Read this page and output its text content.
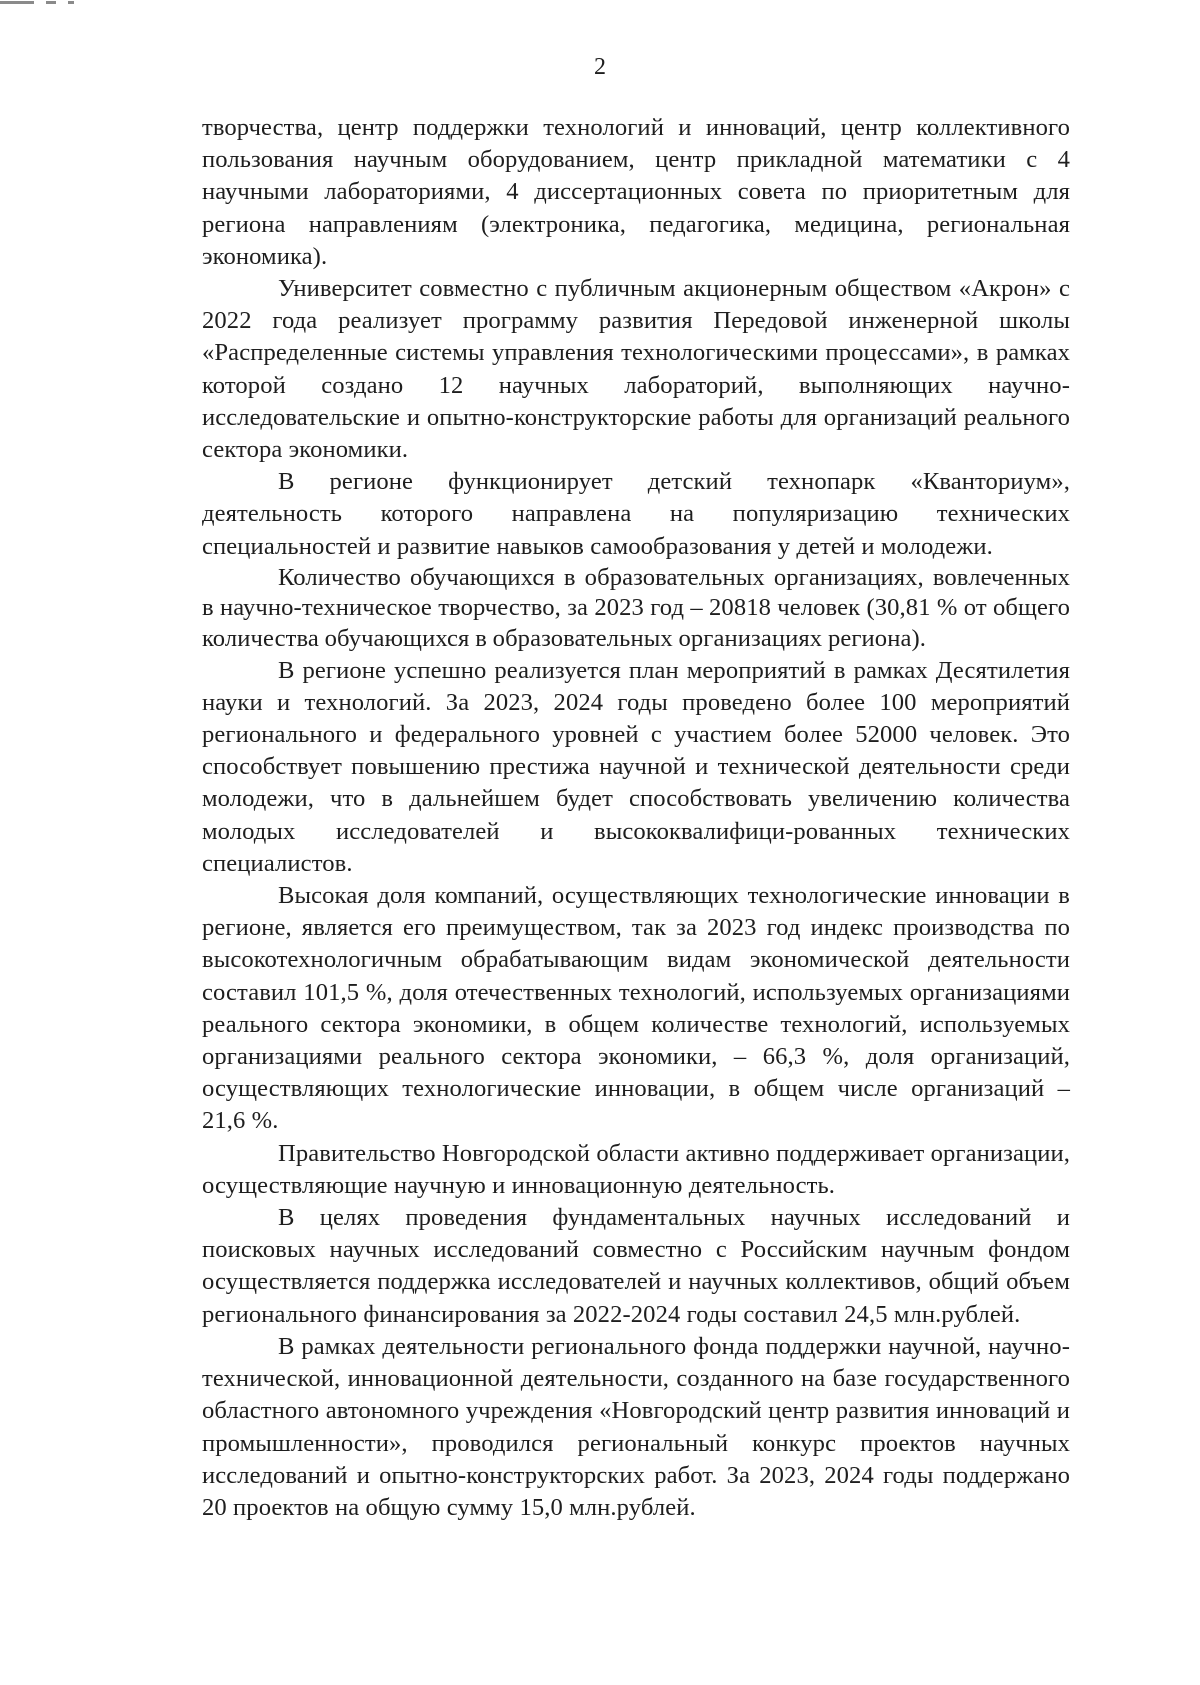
2

творчества, центр поддержки технологий и инноваций, центр коллективного пользования научным оборудованием, центр прикладной математики с 4 научными лабораториями, 4 диссертационных совета по приоритетным для региона направлениям (электроника, педагогика, медицина, региональная экономика).

Университет совместно с публичным акционерным обществом «Акрон» с 2022 года реализует программу развития Передовой инженерной школы «Распределенные системы управления технологическими процессами», в рамках которой создано 12 научных лабораторий, выполняющих научно-исследовательские и опытно-конструкторские работы для организаций реального сектора экономики.

В регионе функционирует детский технопарк «Кванториум», деятельность которого направлена на популяризацию технических специальностей и развитие навыков самообразования у детей и молодежи.

Количество обучающихся в образовательных организациях, вовлеченных в научно-техническое творчество, за 2023 год – 20818 человек (30,81 % от общего количества обучающихся в образовательных организациях региона).

В регионе успешно реализуется план мероприятий в рамках Десятилетия науки и технологий. За 2023, 2024 годы проведено более 100 мероприятий регионального и федерального уровней с участием более 52000 человек. Это способствует повышению престижа научной и технической деятельности среди молодежи, что в дальнейшем будет способствовать увеличению количества молодых исследователей и высококвалифици-рованных технических специалистов.

Высокая доля компаний, осуществляющих технологические инновации в регионе, является его преимуществом, так за 2023 год индекс производства по высокотехнологичным обрабатывающим видам экономической деятельности составил 101,5 %, доля отечественных технологий, используемых организациями реального сектора экономики, в общем количестве технологий, используемых организациями реального сектора экономики, – 66,3 %, доля организаций, осуществляющих технологические инновации, в общем числе организаций – 21,6 %.

Правительство Новгородской области активно поддерживает организации, осуществляющие научную и инновационную деятельность.

В целях проведения фундаментальных научных исследований и поисковых научных исследований совместно с Российским научным фондом осуществляется поддержка исследователей и научных коллективов, общий объем регионального финансирования за 2022-2024 годы составил 24,5 млн.рублей.

В рамках деятельности регионального фонда поддержки научной, научно-технической, инновационной деятельности, созданного на базе государственного областного автономного учреждения «Новгородский центр развития инноваций и промышленности», проводился региональный конкурс проектов научных исследований и опытно-конструкторских работ. За 2023, 2024 годы поддержано 20 проектов на общую сумму 15,0 млн.рублей.
